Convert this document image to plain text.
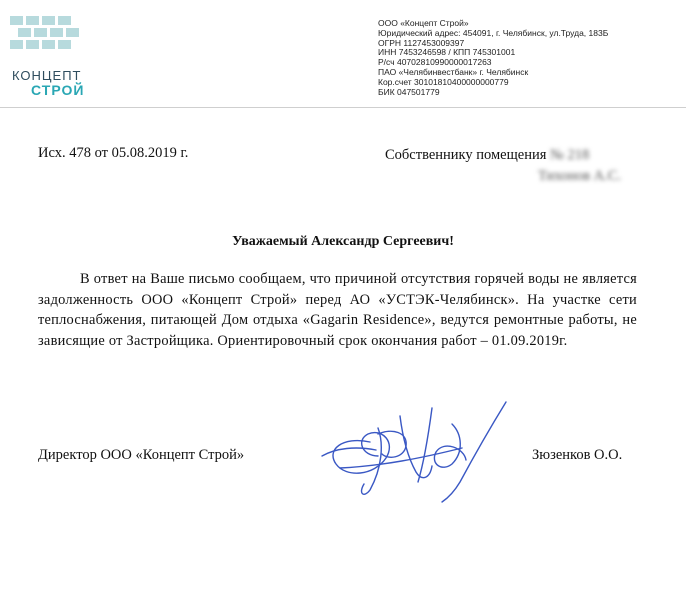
КОНЦЕПТ
СТРОЙ
ООО «Концепт Строй»
Юридический адрес: 454091, г. Челябинск, ул.Труда, 183Б
ОГРН 1127453009397
ИНН 7453246598 / КПП 745301001
Р/сч 40702810990000017263
ПАО «Челябинвестбанк» г. Челябинск
Кор.счет 30101810400000000779
БИК 047501779
Исх. 478 от 05.08.2019 г.	Собственнику помещения № 218
Тихонов А.С.
Уважаемый Александр Сергеевич!
В ответ на Ваше письмо сообщаем, что причиной отсутствия горячей воды не является задолженность ООО «Концепт Строй» перед АО «УСТЭК-Челябинск». На участке сети теплоснабжения, питающей Дом отдыха «Gagarin Residence», ведутся ремонтные работы, не зависящие от Застройщика. Ориентировочный срок окончания работ – 01.09.2019г.
Директор ООО «Концепт Строй»	Зюзенков О.О.
